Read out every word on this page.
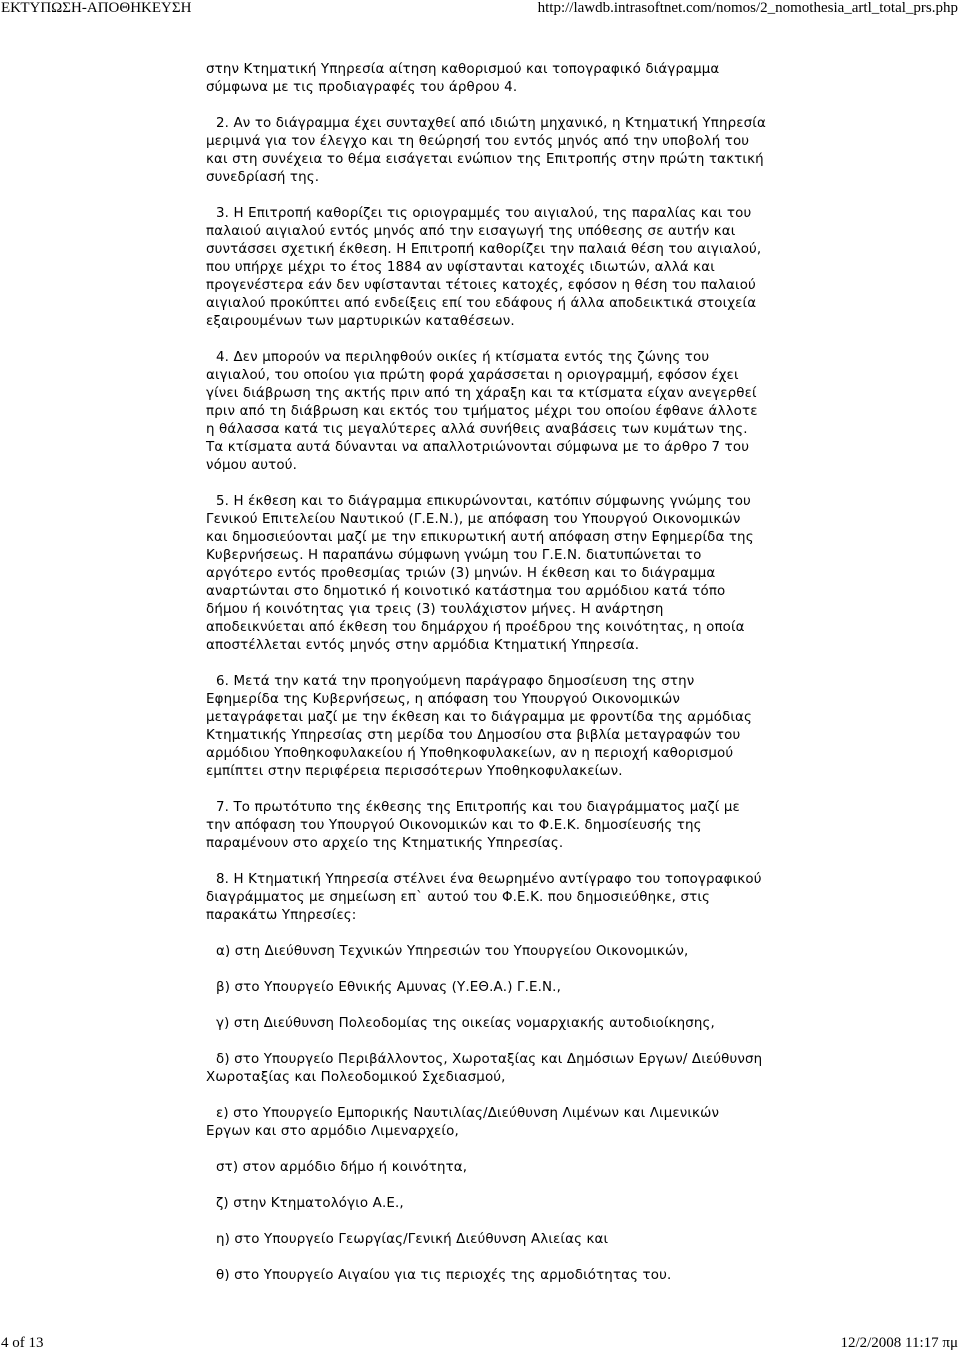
ΕΚΤΥΠΩΣΗ-ΑΠΟΘΗΚΕΥΣΗ	http://lawdb.intrasoftnet.com/nomos/2_nomothesia_artl_total_prs.php

στην Κτηματική Υπηρεσία αίτηση καθορισμού και τοπογραφικό διάγραμμα σύμφωνα με τις προδιαγραφές του άρθρου 4.

2. Αν το διάγραμμα έχει συνταχθεί από ιδιώτη μηχανικό, η Κτηματική Υπηρεσία μεριμνά για τον έλεγχο και τη θεώρησή του εντός μηνός από την υποβολή του και στη συνέχεια το θέμα εισάγεται ενώπιον της Επιτροπής στην πρώτη τακτική συνεδρίασή της.

3. Η Επιτροπή καθορίζει τις οριογραμμές του αιγιαλού, της παραλίας και του παλαιού αιγιαλού εντός μηνός από την εισαγωγή της υπόθεσης σε αυτήν και συντάσσει σχετική έκθεση. Η Επιτροπή καθορίζει την παλαιά θέση του αιγιαλού, που υπήρχε μέχρι το έτος 1884 αν υφίστανται κατοχές ιδιωτών, αλλά και προγενέστερα εάν δεν υφίστανται τέτοιες κατοχές, εφόσον η θέση του παλαιού αιγιαλού προκύπτει από ενδείξεις επί του εδάφους ή άλλα αποδεικτικά στοιχεία εξαιρουμένων των μαρτυρικών καταθέσεων.

4. Δεν μπορούν να περιληφθούν οικίες ή κτίσματα εντός της ζώνης του αιγιαλού, του οποίου για πρώτη φορά χαράσσεται η οριογραμμή, εφόσον έχει γίνει διάβρωση της ακτής πριν από τη χάραξη και τα κτίσματα είχαν ανεγερθεί πριν από τη διάβρωση και εκτός του τμήματος μέχρι του οποίου έφθανε άλλοτε η θάλασσα κατά τις μεγαλύτερες αλλά συνήθεις αναβάσεις των κυμάτων της. Τα κτίσματα αυτά δύνανται να απαλλοτριώνονται σύμφωνα με το άρθρο 7 του νόμου αυτού.

5. Η έκθεση και το διάγραμμα επικυρώνονται, κατόπιν σύμφωνης γνώμης του Γενικού Επιτελείου Ναυτικού (Γ.Ε.Ν.), με απόφαση του Υπουργού Οικονομικών και δημοσιεύονται μαζί με την επικυρωτική αυτή απόφαση στην Εφημερίδα της Κυβερνήσεως. Η παραπάνω σύμφωνη γνώμη του Γ.Ε.Ν. διατυπώνεται το αργότερο εντός προθεσμίας τριών (3) μηνών. Η έκθεση και το διάγραμμα αναρτώνται στο δημοτικό ή κοινοτικό κατάστημα του αρμόδιου κατά τόπο δήμου ή κοινότητας για τρεις (3) τουλάχιστον μήνες. Η ανάρτηση αποδεικνύεται από έκθεση του δημάρχου ή προέδρου της κοινότητας, η οποία αποστέλλεται εντός μηνός στην αρμόδια Κτηματική Υπηρεσία.

6. Μετά την κατά την προηγούμενη παράγραφο δημοσίευση της στην Εφημερίδα της Κυβερνήσεως, η απόφαση του Υπουργού Οικονομικών μεταγράφεται μαζί με την έκθεση και το διάγραμμα με φροντίδα της αρμόδιας Κτηματικής Υπηρεσίας στη μερίδα του Δημοσίου στα βιβλία μεταγραφών του αρμόδιου Υποθηκοφυλακείου ή Υποθηκοφυλακείων, αν η περιοχή καθορισμού εμπίπτει στην περιφέρεια περισσότερων Υποθηκοφυλακείων.

7. Το πρωτότυπο της έκθεσης της Επιτροπής και του διαγράμματος μαζί με την απόφαση του Υπουργού Οικονομικών και το Φ.Ε.Κ. δημοσίευσής της παραμένουν στο αρχείο της Κτηματικής Υπηρεσίας.

8. Η Κτηματική Υπηρεσία στέλνει ένα θεωρημένο αντίγραφο του τοπογραφικού διαγράμματος με σημείωση επ` αυτού του Φ.Ε.Κ. που δημοσιεύθηκε, στις παρακάτω Υπηρεσίες:

α) στη Διεύθυνση Τεχνικών Υπηρεσιών του Υπουργείου Οικονομικών,

β) στο Υπουργείο Εθνικής Αμυνας (Υ.ΕΘ.Α.) Γ.Ε.Ν.,

γ) στη Διεύθυνση Πολεοδομίας της οικείας νομαρχιακής αυτοδιοίκησης,

δ) στο Υπουργείο Περιβάλλοντος, Χωροταξίας και Δημόσιων Εργων/ Διεύθυνση Χωροταξίας και Πολεοδομικού Σχεδιασμού,

ε) στο Υπουργείο Εμπορικής Ναυτιλίας/Διεύθυνση Λιμένων και Λιμενικών Εργων και στο αρμόδιο Λιμεναρχείο,

στ) στον αρμόδιο δήμο ή κοινότητα,

ζ) στην Κτηματολόγιο Α.Ε.,

η) στο Υπουργείο Γεωργίας/Γενική Διεύθυνση Αλιείας και

θ) στο Υπουργείο Αιγαίου για τις περιοχές της αρμοδιότητας του.

4 of 13	12/2/2008 11:17 πμ
